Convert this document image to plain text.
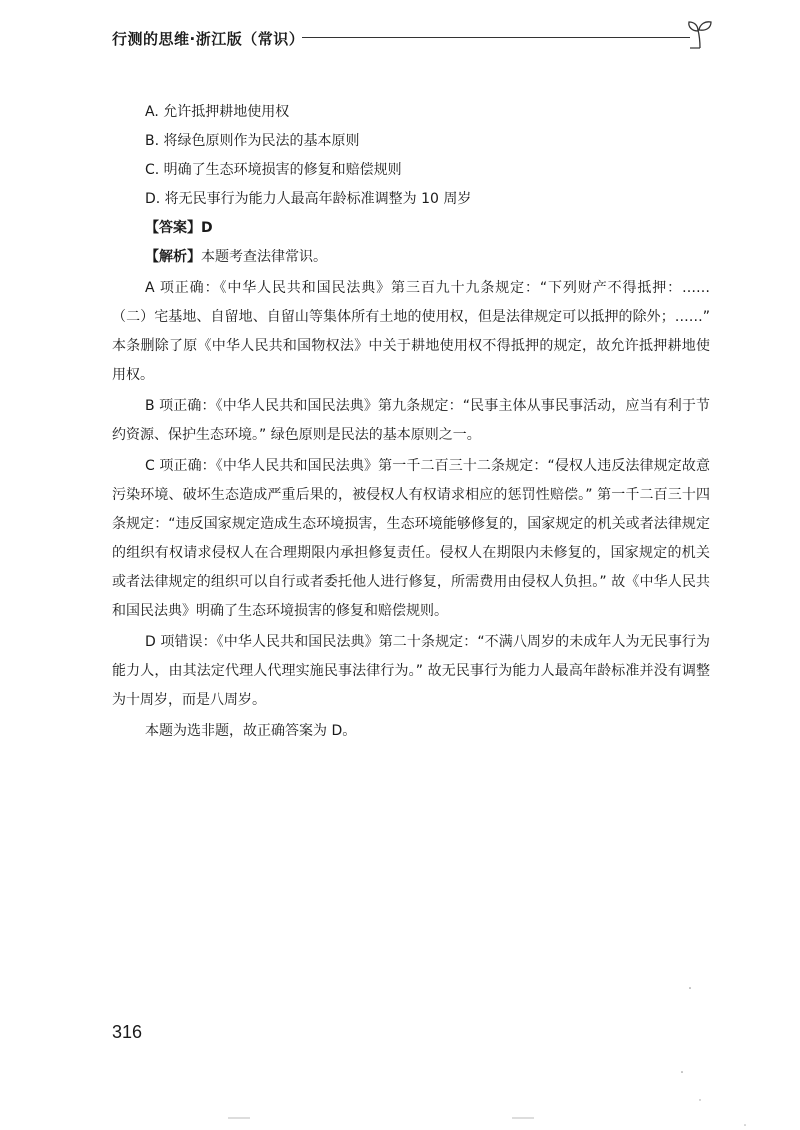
行测的思维·浙江版（常识）

A. 允许抵押耕地使用权

B. 将绿色原则作为民法的基本原则

C. 明确了生态环境损害的修复和赔偿规则

D. 将无民事行为能力人最高年龄标准调整为 10 周岁

【答案】D

【解析】本题考查法律常识。

A 项正确：《中华人民共和国民法典》第三百九十九条规定：“下列财产不得抵押：……（二）宅基地、自留地、自留山等集体所有土地的使用权，但是法律规定可以抵押的除外；……” 本条删除了原《中华人民共和国物权法》中关于耕地使用权不得抵押的规定，故允许抵押耕地使用权。

B 项正确：《中华人民共和国民法典》第九条规定：“民事主体从事民事活动，应当有利于节约资源、保护生态环境。” 绿色原则是民法的基本原则之一。

C 项正确：《中华人民共和国民法典》第一千二百三十二条规定：“侵权人违反法律规定故意污染环境、破坏生态造成严重后果的，被侵权人有权请求相应的惩罚性赔偿。” 第一千二百三十四条规定：“违反国家规定造成生态环境损害，生态环境能够修复的，国家规定的机关或者法律规定的组织有权请求侵权人在合理期限内承担修复责任。侵权人在期限内未修复的，国家规定的机关或者法律规定的组织可以自行或者委托他人进行修复，所需费用由侵权人负担。” 故《中华人民共和国民法典》明确了生态环境损害的修复和赔偿规则。

D 项错误：《中华人民共和国民法典》第二十条规定：“不满八周岁的未成年人为无民事行为能力人，由其法定代理人代理实施民事法律行为。” 故无民事行为能力人最高年龄标准并没有调整为十周岁，而是八周岁。

本题为选非题，故正确答案为 D。

316
